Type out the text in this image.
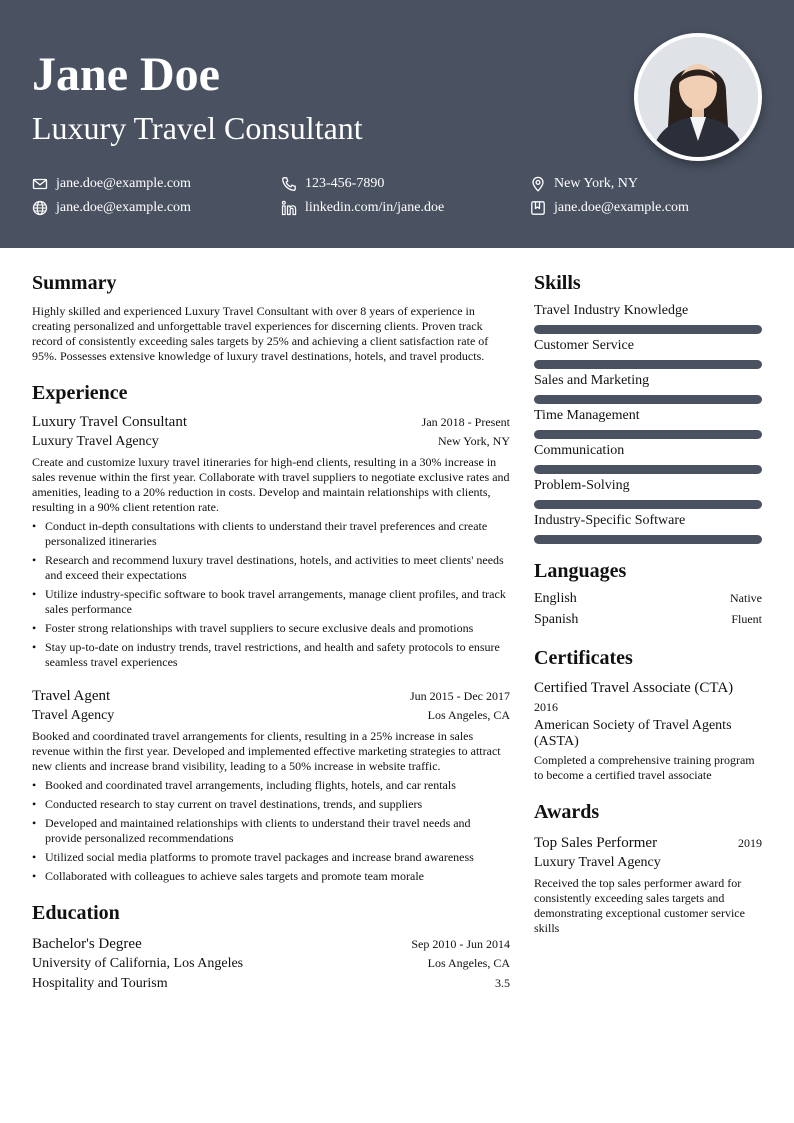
Jane Doe
Luxury Travel Consultant
jane.doe@example.com	123-456-7890	New York, NY
jane.doe@example.com	linkedin.com/in/jane.doe	jane.doe@example.com
Summary

Highly skilled and experienced Luxury Travel Consultant with over 8 years of experience in creating personalized and unforgettable travel experiences for discerning clients. Proven track record of consistently exceeding sales targets by 25% and achieving a client satisfaction rate of 95%. Possesses extensive knowledge of luxury travel destinations, hotels, and travel products.

Experience
Luxury Travel Consultant	Jan 2018 - Present
Luxury Travel Agency	New York, NY

Create and customize luxury travel itineraries for high-end clients, resulting in a 30% increase in sales revenue within the first year. Collaborate with travel suppliers to negotiate exclusive rates and amenities, leading to a 20% reduction in costs. Develop and maintain relationships with clients, resulting in a 90% client retention rate.

• Conduct in-depth consultations with clients to understand their travel preferences and create personalized itineraries
• Research and recommend luxury travel destinations, hotels, and activities to meet clients' needs and exceed their expectations
• Utilize industry-specific software to book travel arrangements, manage client profiles, and track sales performance
• Foster strong relationships with travel suppliers to secure exclusive deals and promotions
• Stay up-to-date on industry trends, travel restrictions, and health and safety protocols to ensure seamless travel experiences
Travel Agent	Jun 2015 - Dec 2017
Travel Agency	Los Angeles, CA

Booked and coordinated travel arrangements for clients, resulting in a 25% increase in sales revenue within the first year. Developed and implemented effective marketing strategies to attract new clients and increase brand visibility, leading to a 50% increase in website traffic.

• Booked and coordinated travel arrangements, including flights, hotels, and car rentals
• Conducted research to stay current on travel destinations, trends, and suppliers
• Developed and maintained relationships with clients to understand their travel needs and provide personalized recommendations
• Utilized social media platforms to promote travel packages and increase brand awareness
• Collaborated with colleagues to achieve sales targets and promote team morale
Education
Bachelor's Degree	Sep 2010 - Jun 2014
University of California, Los Angeles	Los Angeles, CA
Hospitality and Tourism	3.5
Skills
Travel Industry Knowledge
Customer Service
Sales and Marketing
Time Management
Communication
Problem-Solving
Industry-Specific Software
Languages
English	Native
Spanish	Fluent
Certificates
Certified Travel Associate (CTA)
2016
American Society of Travel Agents (ASTA)
Completed a comprehensive training program to become a certified travel associate
Awards
Top Sales Performer	2019
Luxury Travel Agency

Received the top sales performer award for consistently exceeding sales targets and demonstrating exceptional customer service skills
